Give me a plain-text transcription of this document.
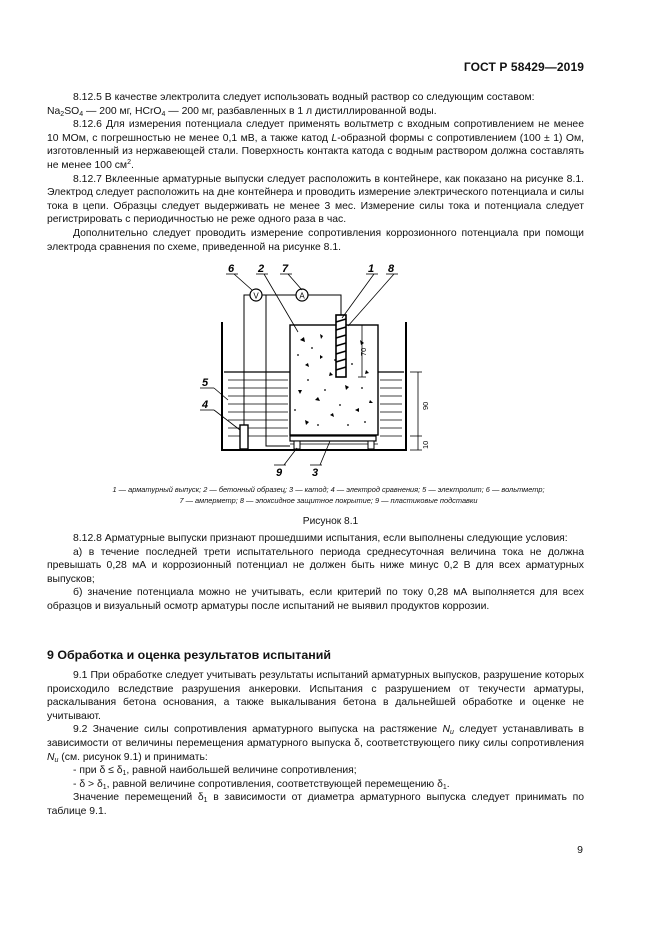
ГОСТ Р 58429—2019

8.12.5 В качестве электролита следует использовать водный раствор со следующим составом:

$Na_2SO_4$ — 200 мг, HCrO$_4$ — 200 мг, разбавленных в 1 л дистиллированной воды.

8.12.6 Для измерения потенциала следует применять вольтметр с входным сопротивлением не менее 10 МОм, с погрешностью не менее 0,1 мВ, а также катод L-образной формы с сопротивлением (100 ± 1) Ом, изготовленный из нержавеющей стали. Поверхность контакта катода с водным раствором должна составлять не менее 100 $см^2$.

8.12.7 Вклеенные арматурные выпуски следует расположить в контейнере, как показано на рисунке 8.1. Электрод следует расположить на дне контейнера и проводить измерение электрического потенциала и силы тока в цепи. Образцы следует выдерживать не менее 3 мес. Измерение силы тока и потенциала следует регистрировать с периодичностью не реже одного раза в час.

Дополнительно следует проводить измерение сопротивления коррозионного потенциала при помощи электрода сравнения по схеме, приведенной на рисунке 8.1.

V	A
70
90
10
6 2 7	1 8
5
4
9	3
1 — арматурный выпуск; 2 — бетонный образец; 3 — катод; 4 — электрод сравнения; 5 — электролит; 6 — вольтметр;
7 — амперметр; 8 — эпоксидное защитное покрытие; 9 — пластиковые подставки
Рисунок 8.1

8.12.8 Арматурные выпуски признают прошедшими испытания, если выполнены следующие условия:

а) в течение последней трети испытательного периода среднесуточная величина тока не должна превышать 0,28 мА и коррозионный потенциал не должен быть ниже минус 0,2 В для всех арматурных выпусков;

б) значение потенциала можно не учитывать, если критерий по току 0,28 мА выполняется для всех образцов и визуальный осмотр арматуры после испытаний не выявил продуктов коррозии.

9 Обработка и оценка результатов испытаний

9.1 При обработке следует учитывать результаты испытаний арматурных выпусков, разрушение которых происходило вследствие разрушения анкеровки. Испытания с разрушением от текучести арматуры, раскалывания бетона основания, а также выкалывания бетона в дальнейшей обработке и оценке не учитывают.

9.2 Значение силы сопротивления арматурного выпуска на растяжение $N_u$ следует устанавливать в зависимости от величины перемещения арматурного выпуска δ, соответствующего пику силы сопротивления $N_u$ (см. рисунок 9.1) и принимать:

- при $\delta \le \delta_1$, равной наибольшей величине сопротивления;

- $\delta > \delta_1$, равной величине сопротивления, соответствующей перемещению $\delta_1$.

Значение перемещений $\delta_1$ в зависимости от диаметра арматурного выпуска следует принимать по таблице 9.1.

9
